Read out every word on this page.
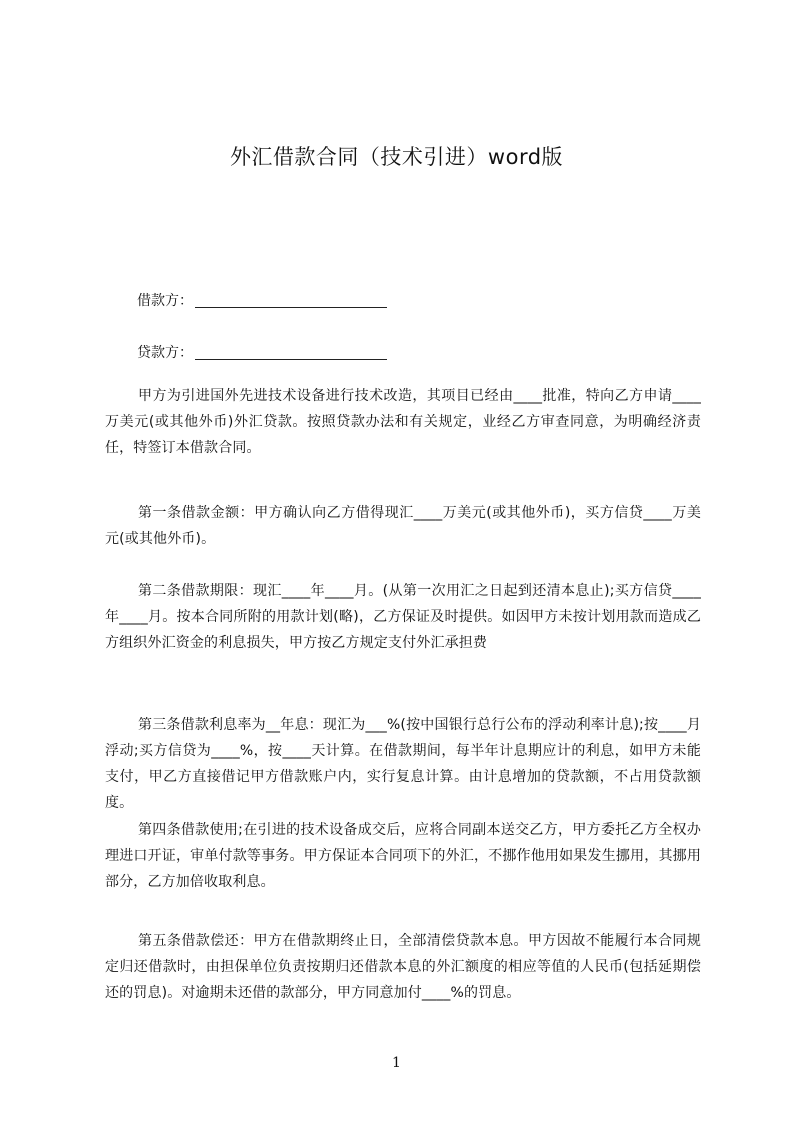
外汇借款合同（技术引进）word版
借款方：
贷款方：

甲方为引进国外先进技术设备进行技术改造，其项目已经由____批准，特向乙方申请____万美元(或其他外币)外汇贷款。按照贷款办法和有关规定，业经乙方审查同意，为明确经济责任，特签订本借款合同。

第一条借款金额：甲方确认向乙方借得现汇____万美元(或其他外币)，买方信贷____万美元(或其他外币)。

第二条借款期限：现汇____年____月。(从第一次用汇之日起到还清本息止);买方信贷____年____月。按本合同所附的用款计划(略)，乙方保证及时提供。如因甲方未按计划用款而造成乙方组织外汇资金的利息损失，甲方按乙方规定支付外汇承担费

第三条借款利息率为__年息：现汇为___%(按中国银行总行公布的浮动利率计息);按____月浮动;买方信贷为____%，按____天计算。在借款期间，每半年计息期应计的利息，如甲方未能支付，甲乙方直接借记甲方借款账户内，实行复息计算。由计息增加的贷款额，不占用贷款额度。

第四条借款使用;在引进的技术设备成交后，应将合同副本送交乙方，甲方委托乙方全权办理进口开证，审单付款等事务。甲方保证本合同项下的外汇，不挪作他用如果发生挪用，其挪用部分，乙方加倍收取利息。

第五条借款偿还：甲方在借款期终止日，全部清偿贷款本息。甲方因故不能履行本合同规定归还借款时，由担保单位负责按期归还借款本息的外汇额度的相应等值的人民币(包括延期偿还的罚息)。对逾期未还借的款部分，甲方同意加付____%的罚息。

1
